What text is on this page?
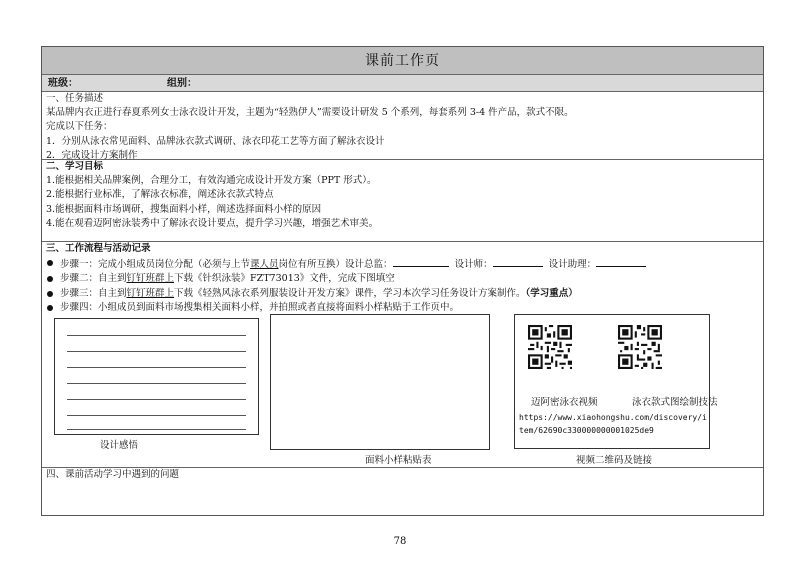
课前工作页
班级：	组别：
一、任务描述
某品牌内衣正进行春夏系列女士泳衣设计开发，主题为“轻熟伊人”需要设计研发 5 个系列，每套系列 3-4 件产品，款式不限。
完成以下任务：
1．分别从泳衣常见面料、品牌泳衣款式调研、泳衣印花工艺等方面了解泳衣设计
2．完成设计方案制作
二、学习目标
1.能根据相关品牌案例，合理分工，有效沟通完成设计开发方案（PPT 形式）。
2.能根据行业标准，了解泳衣标准，阐述泳衣款式特点
3.能根据面料市场调研，搜集面料小样，阐述选择面料小样的原因
4.能在观看迈阿密泳装秀中了解泳衣设计要点，提升学习兴趣，增强艺术审美。
三、工作流程与活动记录
步骤一：完成小组成员岗位分配（必须与上节课人员岗位有所互换）设计总监：	设计师：	设计助理：
步骤二：自主到钉钉班群上下载《针织泳装》FZT73013》文件，完成下图填空
步骤三：自主到钉钉班群上下载《轻熟风泳衣系列服装设计开发方案》课件，学习本次学习任务设计方案制作。（学习重点）
步骤四：小组成员到面料市场搜集相关面料小样，并拍照或者直接将面料小样粘贴于工作页中。
设计感悟
面料小样粘贴表
迈阿密泳衣视频	泳衣款式图绘制技法
https://www.xiaohongshu.com/discovery/i
tem/62690c330000000001025de9
视频二维码及链接
四、课前活动学习中遇到的问题
78
